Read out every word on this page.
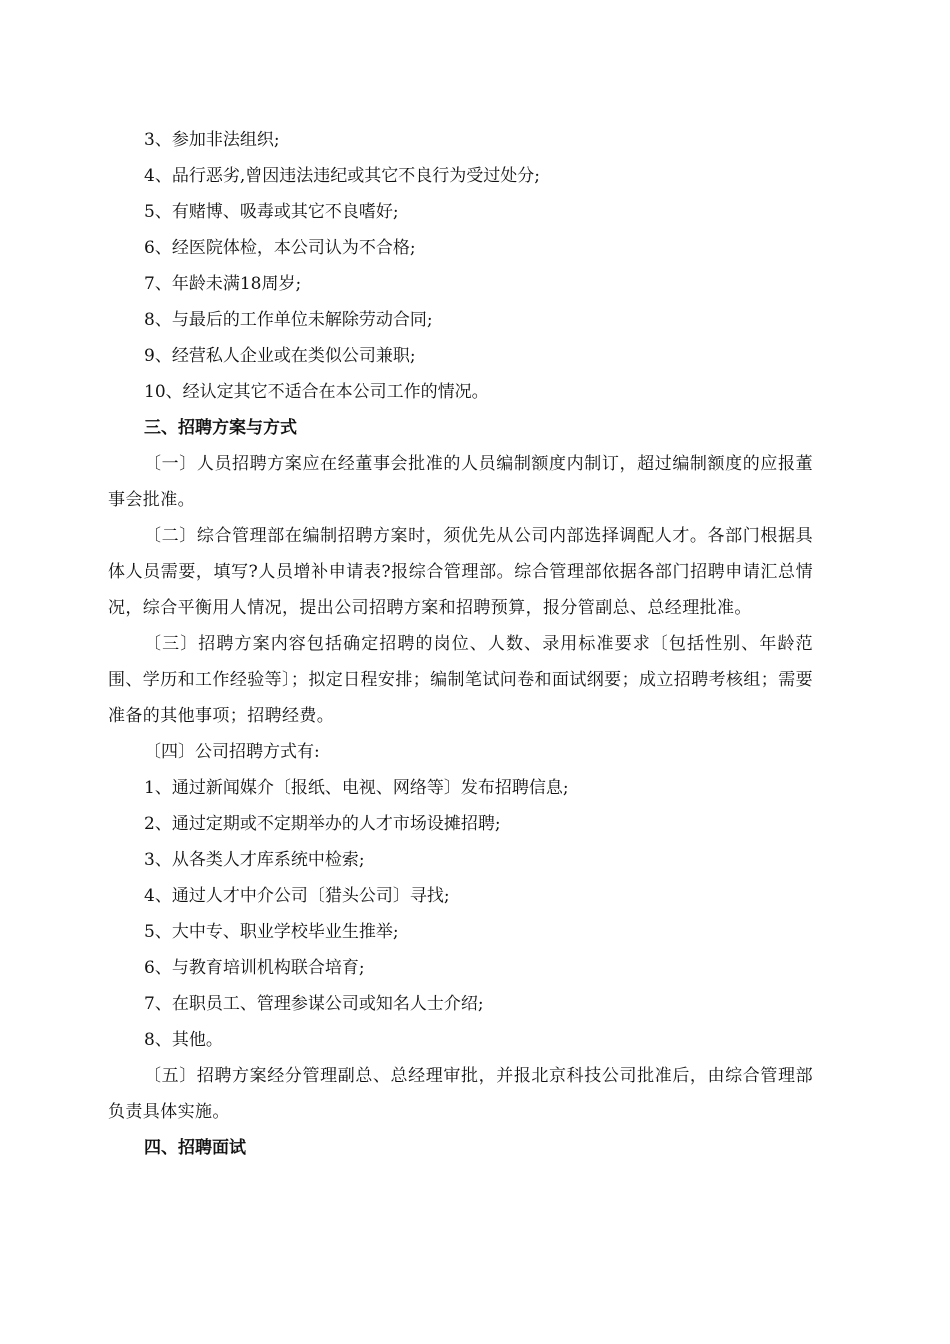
3、参加非法组织;
4、品行恶劣,曾因违法违纪或其它不良行为受过处分;
5、有赌博、吸毒或其它不良嗜好;
6、经医院体检，本公司认为不合格;
7、年龄未满18周岁;
8、与最后的工作单位未解除劳动合同;
9、经营私人企业或在类似公司兼职;
10、经认定其它不适合在本公司工作的情况。
三、招聘方案与方式
〔一〕人员招聘方案应在经董事会批准的人员编制额度内制订，超过编制额度的应报董事会批准。
〔二〕综合管理部在编制招聘方案时，须优先从公司内部选择调配人才。各部门根据具体人员需要，填写?人员增补申请表?报综合管理部。综合管理部依据各部门招聘申请汇总情况，综合平衡用人情况，提出公司招聘方案和招聘预算，报分管副总、总经理批准。
〔三〕招聘方案内容包括确定招聘的岗位、人数、录用标准要求〔包括性别、年龄范围、学历和工作经验等〕；拟定日程安排；编制笔试问卷和面试纲要；成立招聘考核组；需要准备的其他事项；招聘经费。
〔四〕公司招聘方式有:
1、通过新闻媒介〔报纸、电视、网络等〕发布招聘信息;
2、通过定期或不定期举办的人才市场设摊招聘;
3、从各类人才库系统中检索;
4、通过人才中介公司〔猎头公司〕寻找;
5、大中专、职业学校毕业生推举;
6、与教育培训机构联合培育;
7、在职员工、管理参谋公司或知名人士介绍;
8、其他。
〔五〕招聘方案经分管理副总、总经理审批，并报北京科技公司批准后，由综合管理部负责具体实施。
四、招聘面试
